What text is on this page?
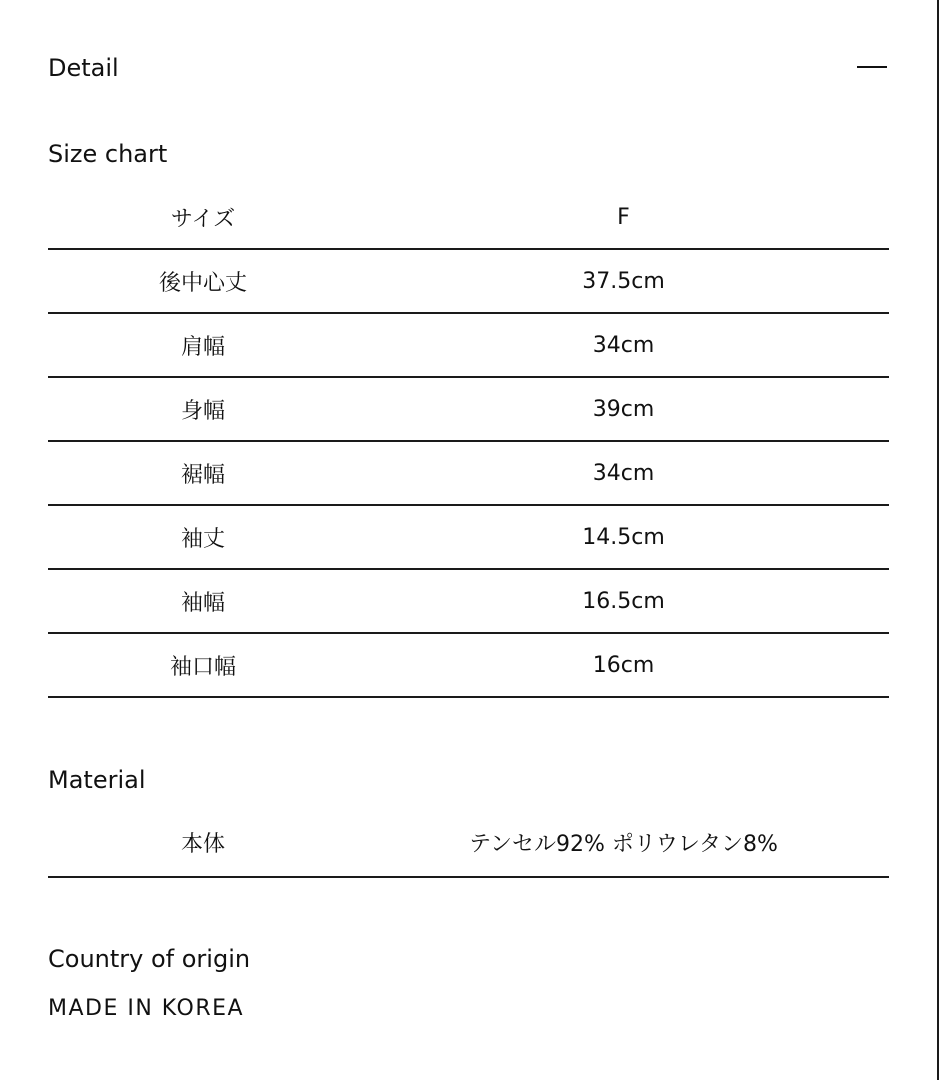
Detail
Size chart
サイズ	F
後中心丈	37.5cm
肩幅	34cm
身幅	39cm
裾幅	34cm
袖丈	14.5cm
袖幅	16.5cm
袖口幅	16cm
Material
本体	テンセル92% ポリウレタン8%
Country of origin
MADE IN KOREA
